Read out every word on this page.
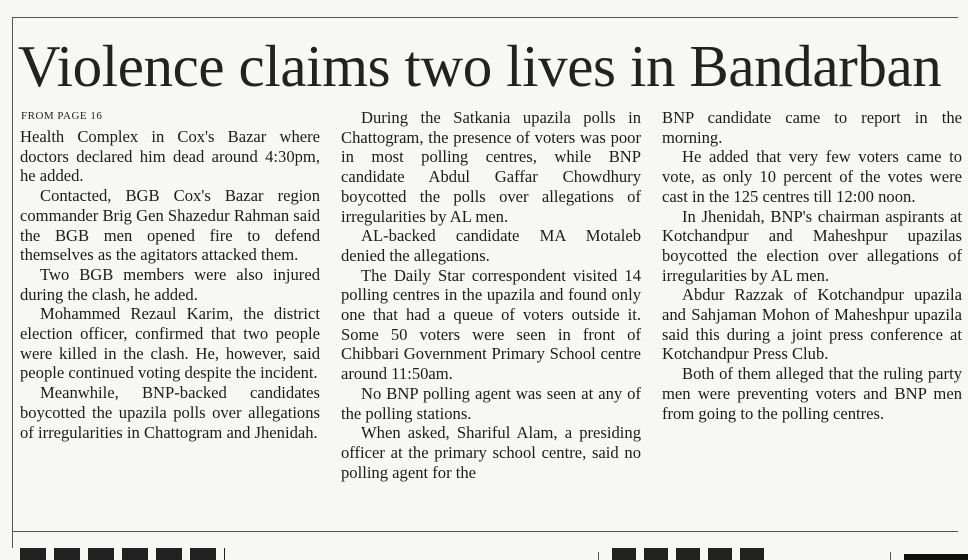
Violence claims two lives in Bandarban
FROM PAGE 16

Health Complex in Cox's Bazar where doctors declared him dead around 4:30pm, he added.

Contacted, BGB Cox's Bazar region commander Brig Gen Shazedur Rahman said the BGB men opened fire to defend themselves as the agitators attacked them.

Two BGB members were also injured during the clash, he added.

Mohammed Rezaul Karim, the district election officer, confirmed that two people were killed in the clash. He, however, said people continued voting despite the incident.

Meanwhile, BNP-backed candidates boycotted the upazila polls over allegations of irregularities in Chattogram and Jhenidah.

During the Satkania upazila polls in Chattogram, the presence of voters was poor in most polling centres, while BNP candidate Abdul Gaffar Chowdhury boycotted the polls over allegations of irregularities by AL men.

AL-backed candidate MA Motaleb denied the allegations.

The Daily Star correspondent visited 14 polling centres in the upazila and found only one that had a queue of voters outside it. Some 50 voters were seen in front of Chibbari Government Primary School centre around 11:50am.

No BNP polling agent was seen at any of the polling stations.

When asked, Shariful Alam, a presiding officer at the primary school centre, said no polling agent for the

BNP candidate came to report in the morning.

He added that very few voters came to vote, as only 10 percent of the votes were cast in the 125 centres till 12:00 noon.

In Jhenidah, BNP's chairman aspirants at Kotchandpur and Maheshpur upazilas boycotted the election over allegations of irregularities by AL men.

Abdur Razzak of Kotchandpur upazila and Sahjaman Mohon of Maheshpur upazila said this during a joint press conference at Kotchandpur Press Club.

Both of them alleged that the ruling party men were preventing voters and BNP men from going to the polling centres.
